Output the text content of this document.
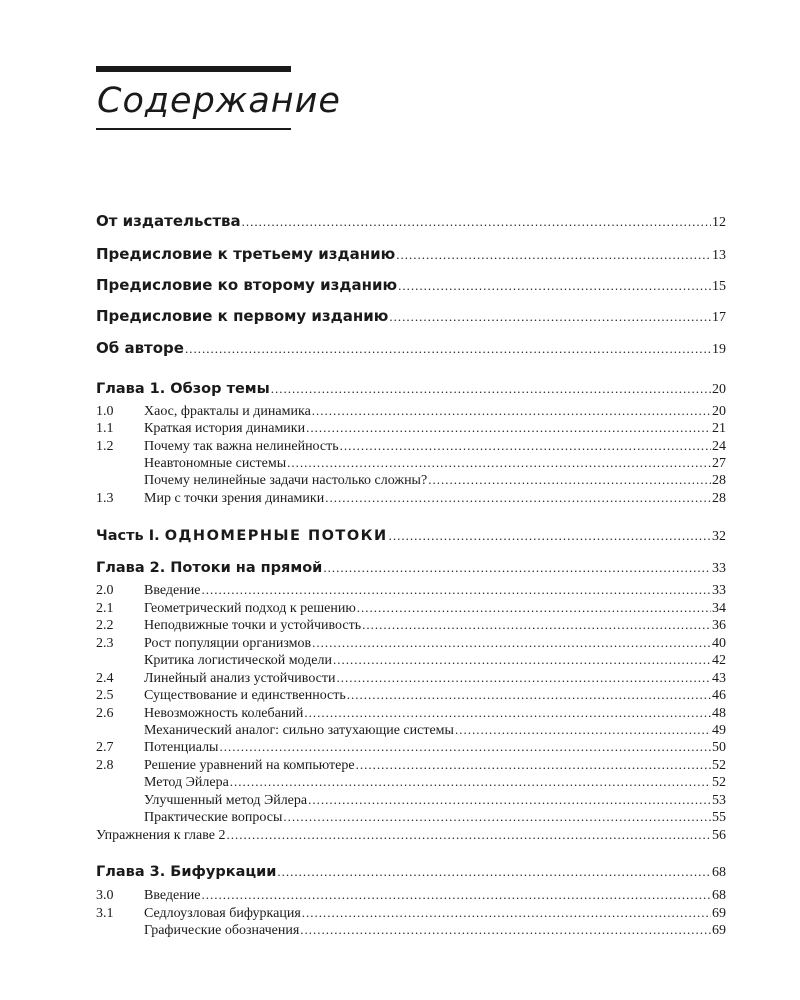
Содержание
От издательства .....	12
Предисловие к третьему изданию .....	13
Предисловие ко второму изданию .....	15
Предисловие к первому изданию .....	17
Об авторе .....	19
Глава 1. Обзор темы .....	20
1.0	Хаос, фракталы и динамика .....	20
1.1	Краткая история динамики .....	21
1.2	Почему так важна нелинейность .....	24
Неавтономные системы .....	27
Почему нелинейные задачи настолько сложны? .....	28
1.3	Мир с точки зрения динамики .....	28
Часть I. ОДНОМЕРНЫЕ ПОТОКИ .....	32
Глава 2. Потоки на прямой .....	33
2.0	Введение .....	33
2.1	Геометрический подход к решению .....	34
2.2	Неподвижные точки и устойчивость .....	36
2.3	Рост популяции организмов .....	40
Критика логистической модели .....	42
2.4	Линейный анализ устойчивости .....	43
2.5	Существование и единственность .....	46
2.6	Невозможность колебаний .....	48
Механический аналог: сильно затухающие системы .....	49
2.7	Потенциалы .....	50
2.8	Решение уравнений на компьютере .....	52
Метод Эйлера .....	52
Улучшенный метод Эйлера .....	53
Практические вопросы .....	55
Упражнения к главе 2 .....	56
Глава 3. Бифуркации .....	68
3.0	Введение .....	68
3.1	Седлоузловая бифуркация .....	69
Графические обозначения .....	69
